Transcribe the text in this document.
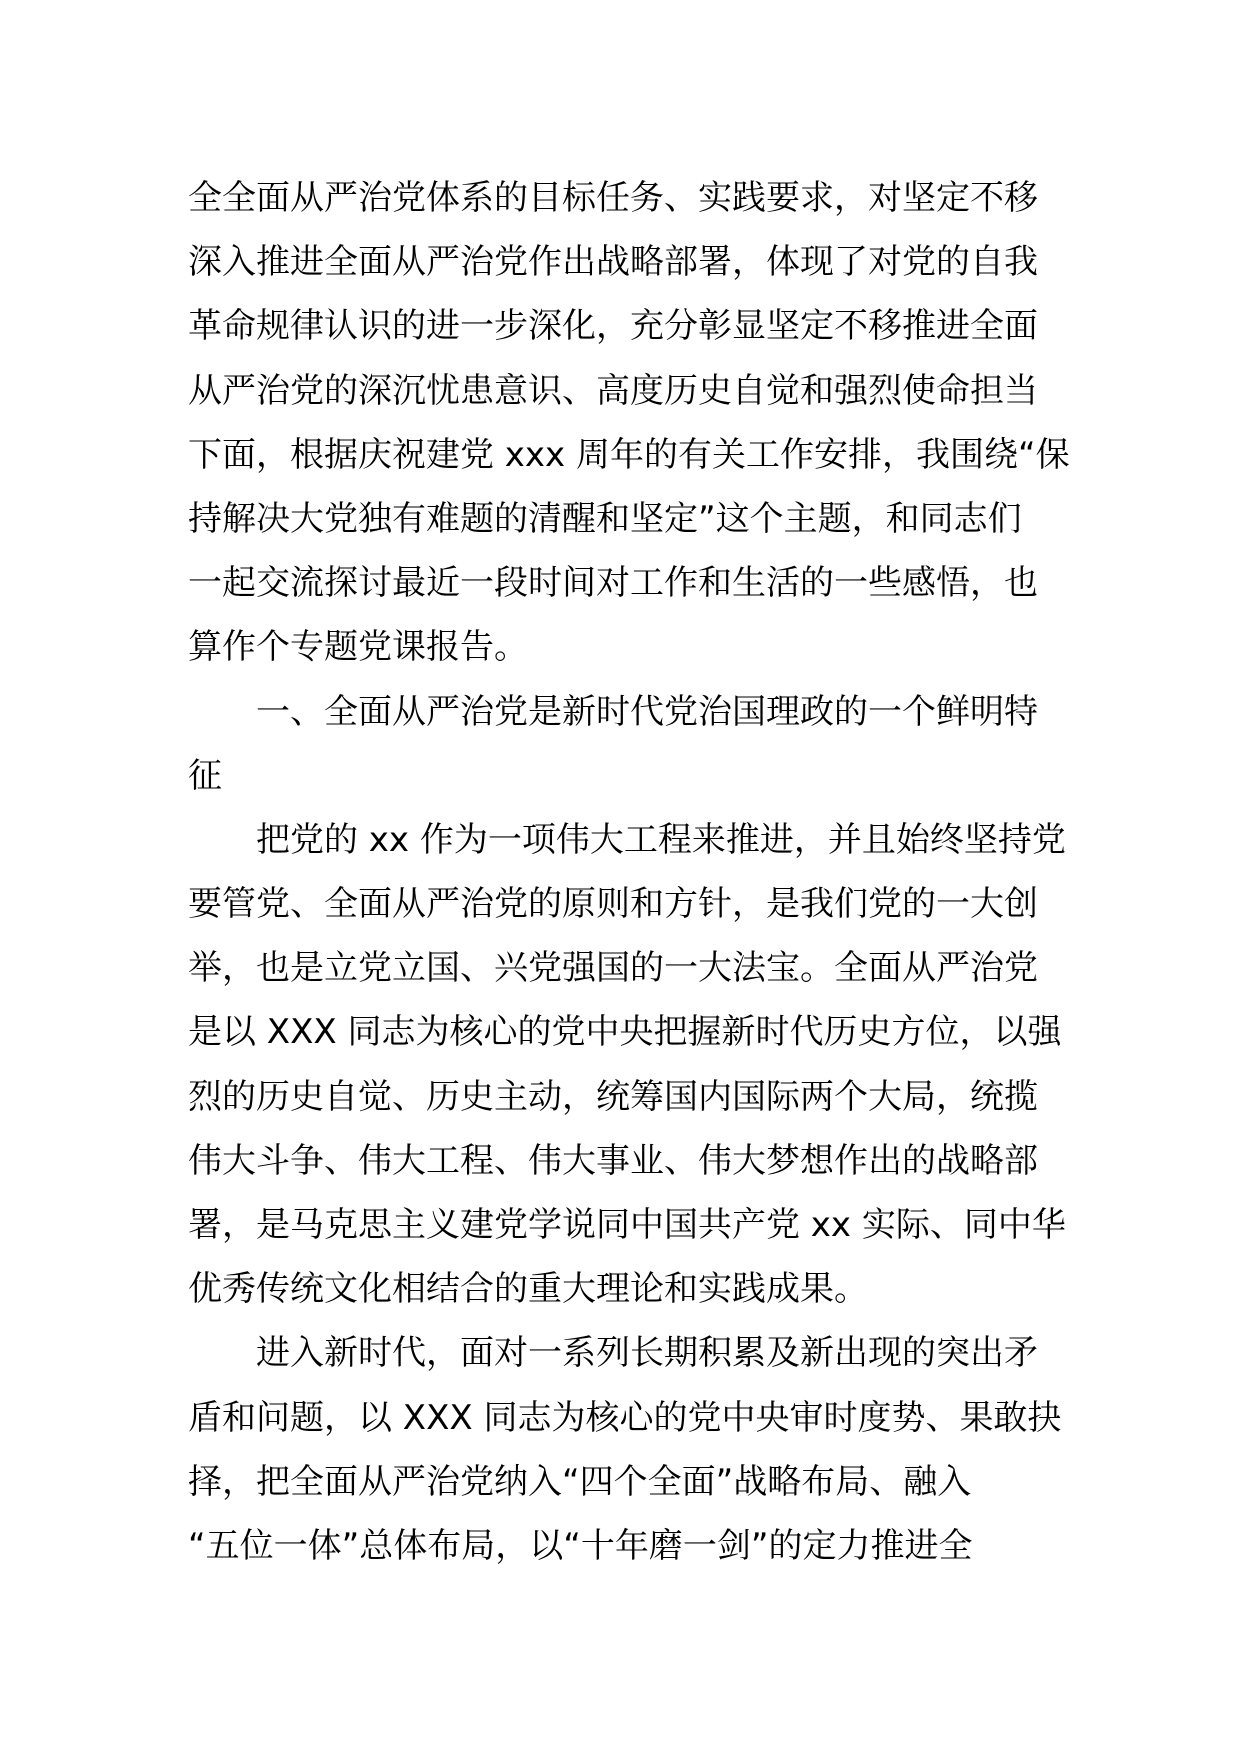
全全面从严治党体系的目标任务、实践要求，对坚定不移
深入推进全面从严治党作出战略部署，体现了对党的自我
革命规律认识的进一步深化，充分彰显坚定不移推进全面
从严治党的深沉忧患意识、高度历史自觉和强烈使命担当
下面，根据庆祝建党 xxx 周年的有关工作安排，我围绕“保
持解决大党独有难题的清醒和坚定”这个主题，和同志们
一起交流探讨最近一段时间对工作和生活的一些感悟，也
算作个专题党课报告。
一、全面从严治党是新时代党治国理政的一个鲜明特
征
把党的 xx 作为一项伟大工程来推进，并且始终坚持党
要管党、全面从严治党的原则和方针，是我们党的一大创
举，也是立党立国、兴党强国的一大法宝。全面从严治党
是以 XXX 同志为核心的党中央把握新时代历史方位，以强
烈的历史自觉、历史主动，统筹国内国际两个大局，统揽
伟大斗争、伟大工程、伟大事业、伟大梦想作出的战略部
署，是马克思主义建党学说同中国共产党 xx 实际、同中华
优秀传统文化相结合的重大理论和实践成果。
进入新时代，面对一系列长期积累及新出现的突出矛
盾和问题，以 XXX 同志为核心的党中央审时度势、果敢抉
择，把全面从严治党纳入“四个全面”战略布局、融入
“五位一体”总体布局，以“十年磨一剑”的定力推进全
